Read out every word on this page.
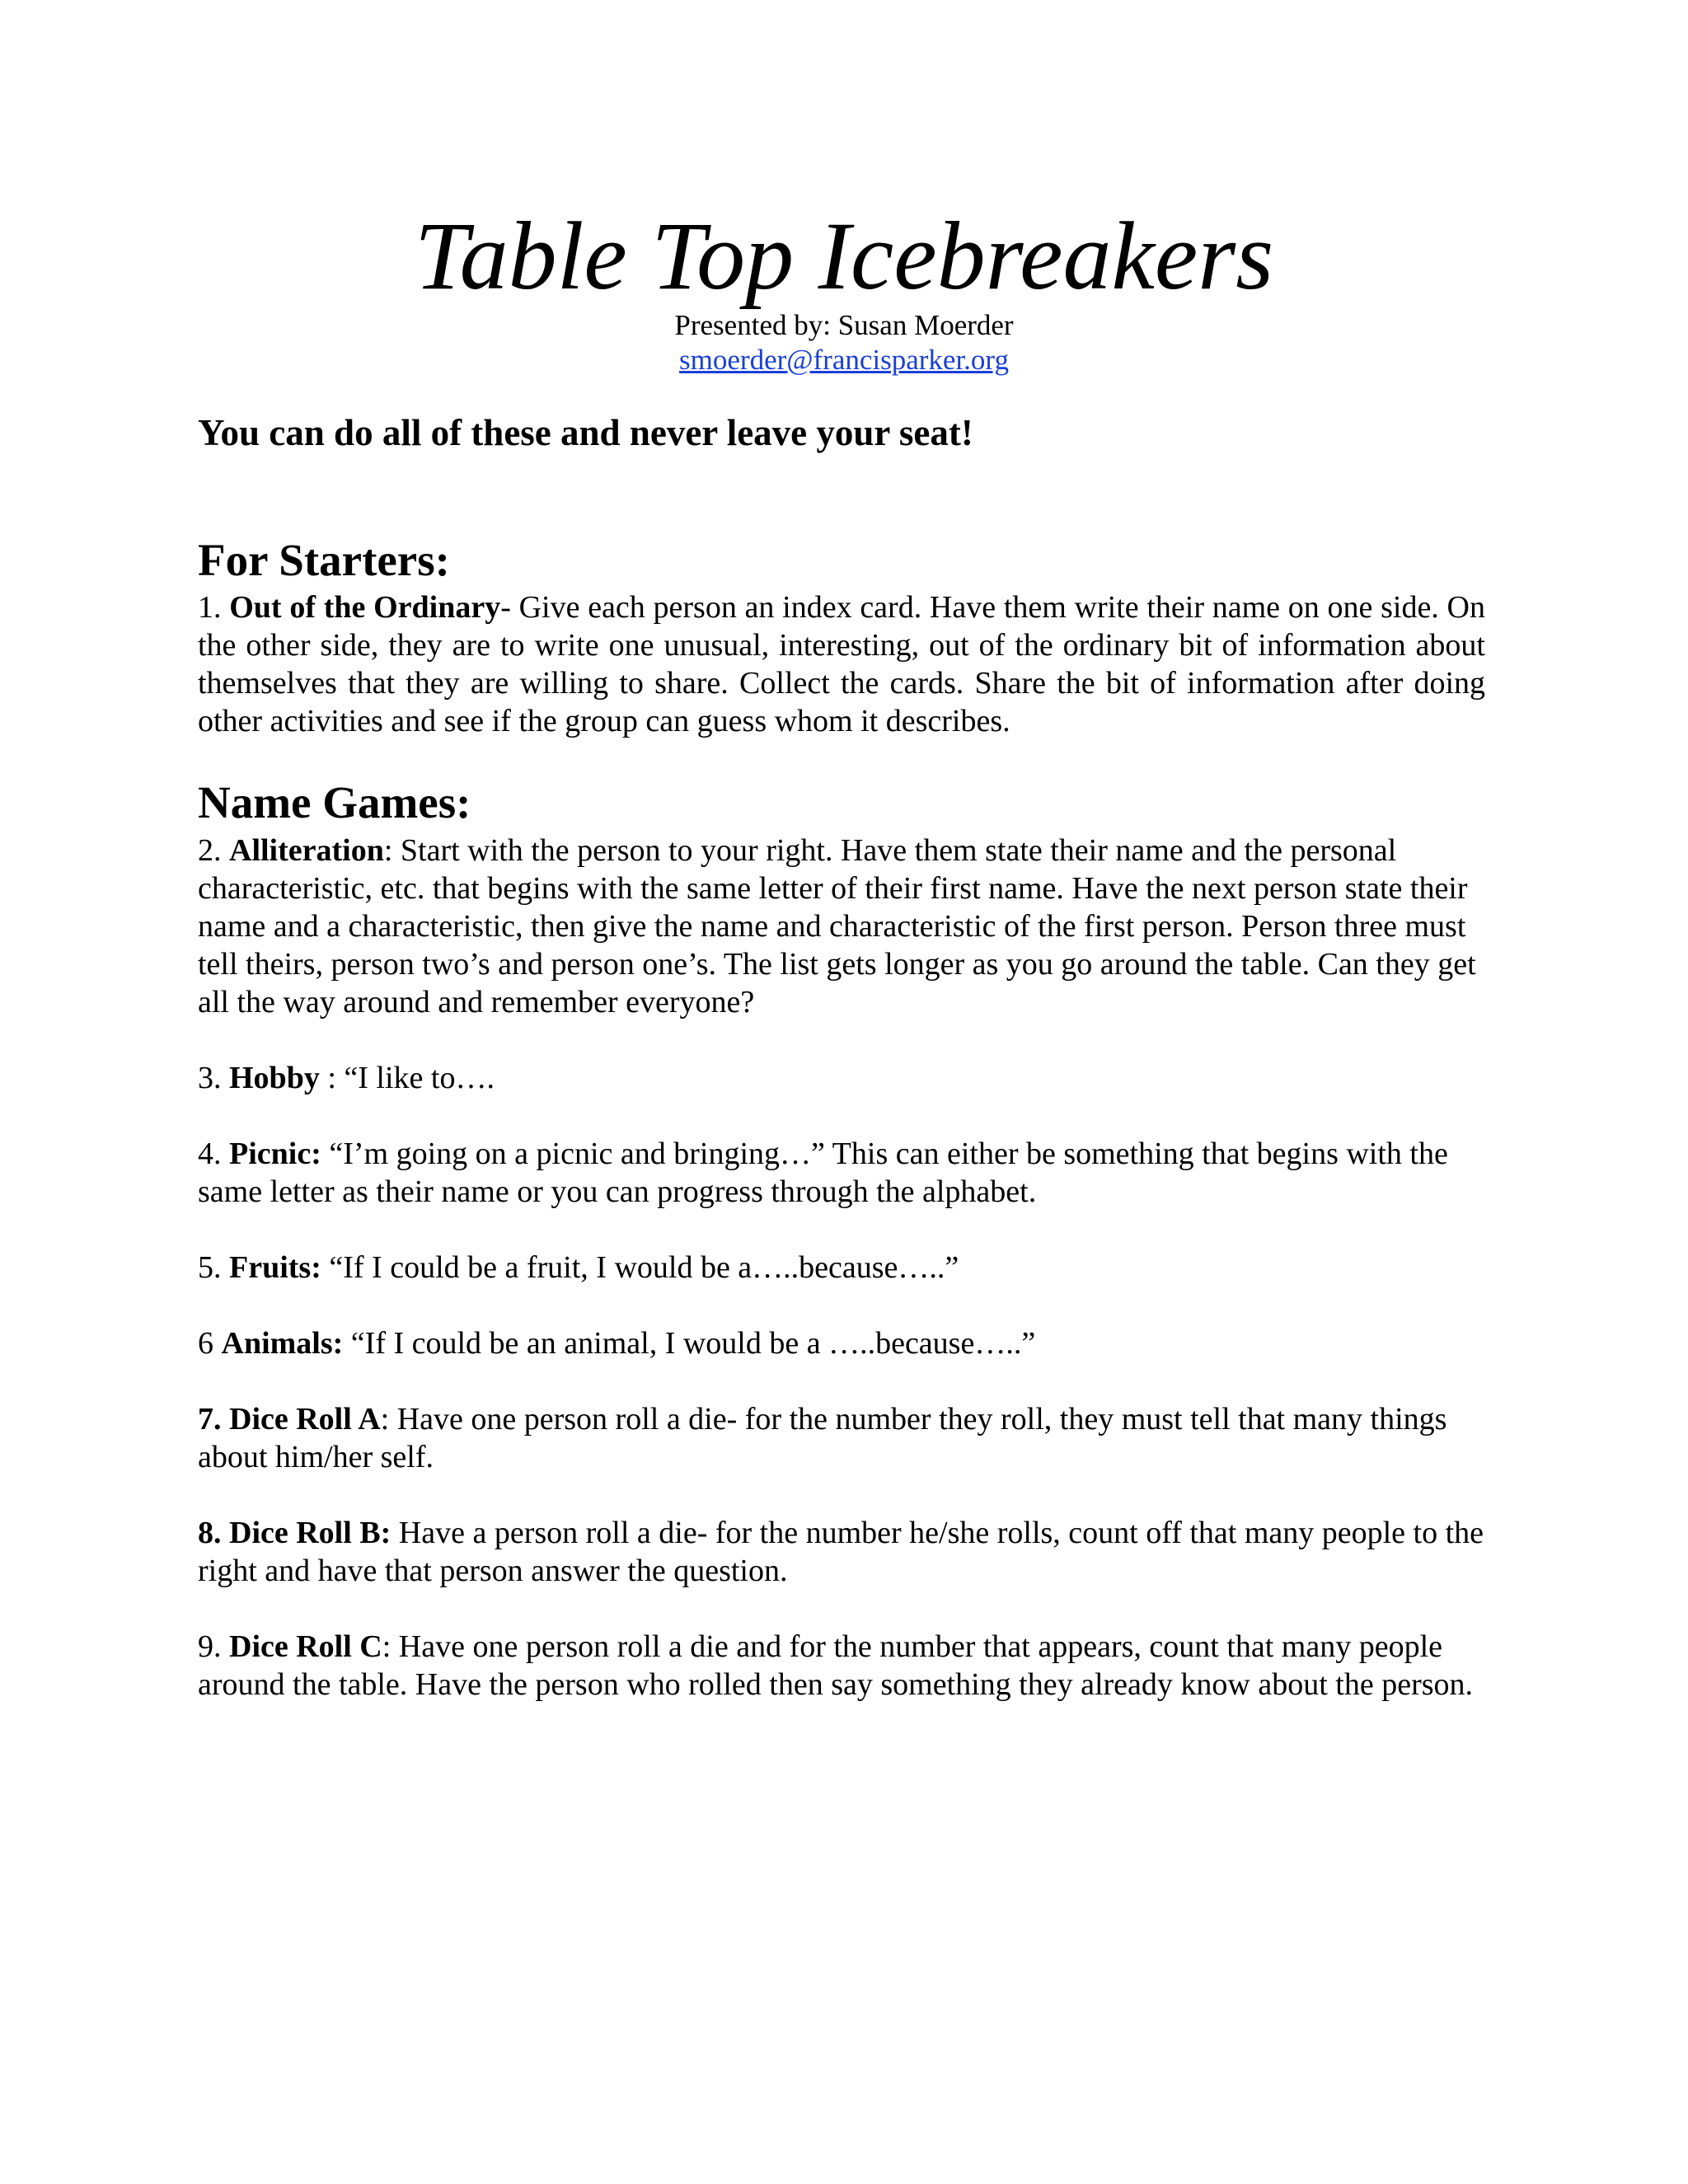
Table Top Icebreakers
Presented by: Susan Moerder
smoerder@francisparker.org
You can do all of these and never leave your seat!
For Starters:

1. Out of the Ordinary- Give each person an index card. Have them write their name on one side. On the other side, they are to write one unusual, interesting, out of the ordinary bit of information about themselves that they are willing to share. Collect the cards. Share the bit of information after doing other activities and see if the group can guess whom it describes.

Name Games:

2. Alliteration: Start with the person to your right. Have them state their name and the personal characteristic, etc. that begins with the same letter of their first name. Have the next person state their name and a characteristic, then give the name and characteristic of the first person. Person three must tell theirs, person two’s and person one’s. The list gets longer as you go around the table. Can they get all the way around and remember everyone?

3. Hobby : “I like to….

4. Picnic: “I’m going on a picnic and bringing…” This can either be something that begins with the same letter as their name or you can progress through the alphabet.

5. Fruits: “If I could be a fruit, I would be a…..because…..”

6 Animals: “If I could be an animal, I would be a …..because…..”

7. Dice Roll A: Have one person roll a die- for the number they roll, they must tell that many things about him/her self.

8. Dice Roll B: Have a person roll a die- for the number he/she rolls, count off that many people to the right and have that person answer the question.

9. Dice Roll C: Have one person roll a die and for the number that appears, count that many people around the table. Have the person who rolled then say something they already know about the person.
